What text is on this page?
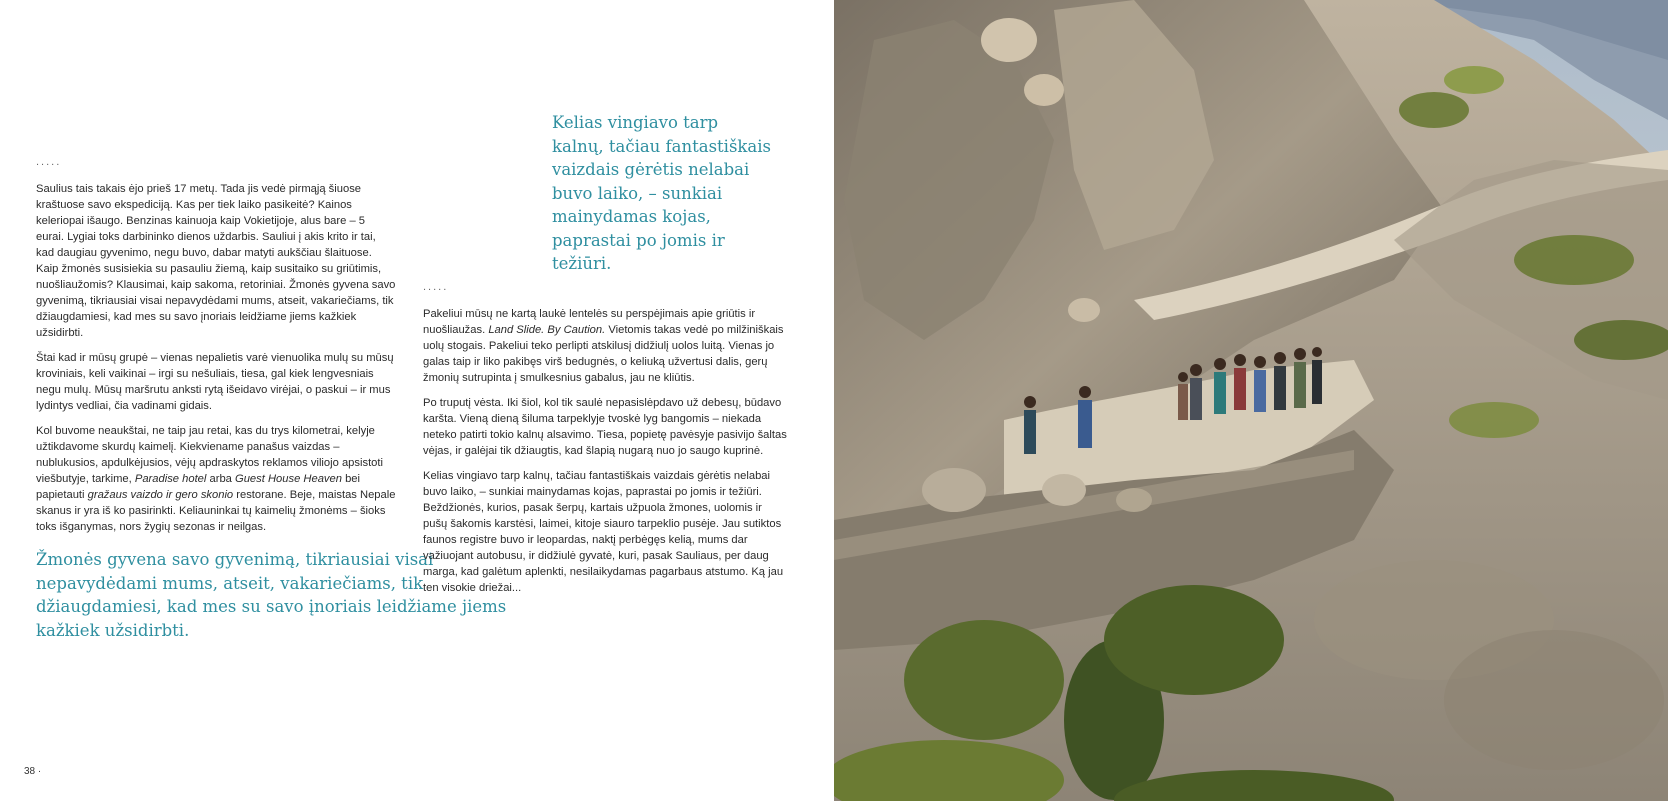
.....

Saulius tais takais ėjo prieš 17 metų. Tada jis vedė pirmąją šiuose kraštuose savo ekspediciją. Kas per tiek laiko pasikeitė? Kainos keleriopai išaugo. Benzinas kainuoja kaip Vokietijoje, alus bare – 5 eurai. Lygiai toks darbininko dienos uždarbis. Sauliui į akis krito ir tai, kad daugiau gyvenimo, negu buvo, dabar matyti aukščiau šlaituose. Kaip žmonės susisiekia su pasauliu žiemą, kaip susitaiko su griūtimis, nuošliaužomis? Klausimai, kaip sakoma, retoriniai. Žmonės gyvena savo gyvenimą, tikriausiai visai nepavydėdami mums, atseit, vakariečiams, tik džiaugdamiesi, kad mes su savo įnoriais leidžiame jiems kažkiek užsidirbti.

Štai kad ir mūsų grupė – vienas nepalietis varė vienuolika mulų su mūsų kroviniais, keli vaikinai – irgi su nešuliais, tiesa, gal kiek lengvesniais negu mulų. Mūsų maršrutu anksti rytą išeidavo virėjai, o paskui – ir mus lydintys vedliai, čia vadinami gidais.

Kol buvome neaukštai, ne taip jau retai, kas du trys kilometrai, kelyje užtikdavome skurdų kaimelį. Kiekviename panašus vaizdas – nublukusios, apdulkėjusios, vėjų apdraskytos reklamos viliojo apsistoti viešbutyje, tarkime, Paradise hotel arba Guest House Heaven bei papietauti gražaus vaizdo ir gero skonio restorane. Beje, maistas Nepale skanus ir yra iš ko pasirinkti. Keliauninkai tų kaimelių žmonėms – šioks toks išganymas, nors žygių sezonas ir neilgas.

Žmonės gyvena savo gyvenimą, tikriausiai visai nepavydėdami mums, atseit, vakariečiams, tik džiaugdamiesi, kad mes su savo įnoriais leidžiame jiems kažkiek užsidirbti.
Kelias vingiavo tarp kalnų, tačiau fantastiškais vaizdais gėrėtis nelabai buvo laiko, – sunkiai mainydamas kojas, paprastai po jomis ir težiūri.
.....

Pakeliui mūsų ne kartą laukė lentelės su perspėjimais apie griūtis ir nuošliaužas. Land Slide. By Caution. Vietomis takas vedė po milžiniškais uolų stogais. Pakeliui teko perlipti atskilusį didžiulį uolos luitą. Vienas jo galas taip ir liko pakibęs virš bedugnės, o keliuką užvertusi dalis, gerų žmonių sutrupinta į smulkesnius gabalus, jau ne kliūtis.

Po truputį vėsta. Iki šiol, kol tik saulė nepasislėpdavo už debesų, būdavo karšta. Vieną dieną šiluma tarpeklyje tvoskė lyg bangomis – niekada neteko patirti tokio kalnų alsavimo. Tiesa, popietę pavėsyje pasivijo šaltas vėjas, ir galėjai tik džiaugtis, kad šlapią nugarą nuo jo saugo kuprinė.

Kelias vingiavo tarp kalnų, tačiau fantastiškais vaizdais gėrėtis nelabai buvo laiko, – sunkiai mainydamas kojas, paprastai po jomis ir težiūri. Beždžionės, kurios, pasak šerpų, kartais užpuola žmones, uolomis ir pušų šakomis karstėsi, laimei, kitoje siauro tarpeklio pusėje. Jau sutiktos faunos registre buvo ir leopardas, naktį perbėgęs kelią, mums dar važiuojant autobusu, ir didžiulė gyvatė, kuri, pasak Sauliaus, per daug marga, kad galėtum aplenkti, nesilaikydamas pagarbaus atstumo. Ką jau ten visokie driežai...

38 ·
